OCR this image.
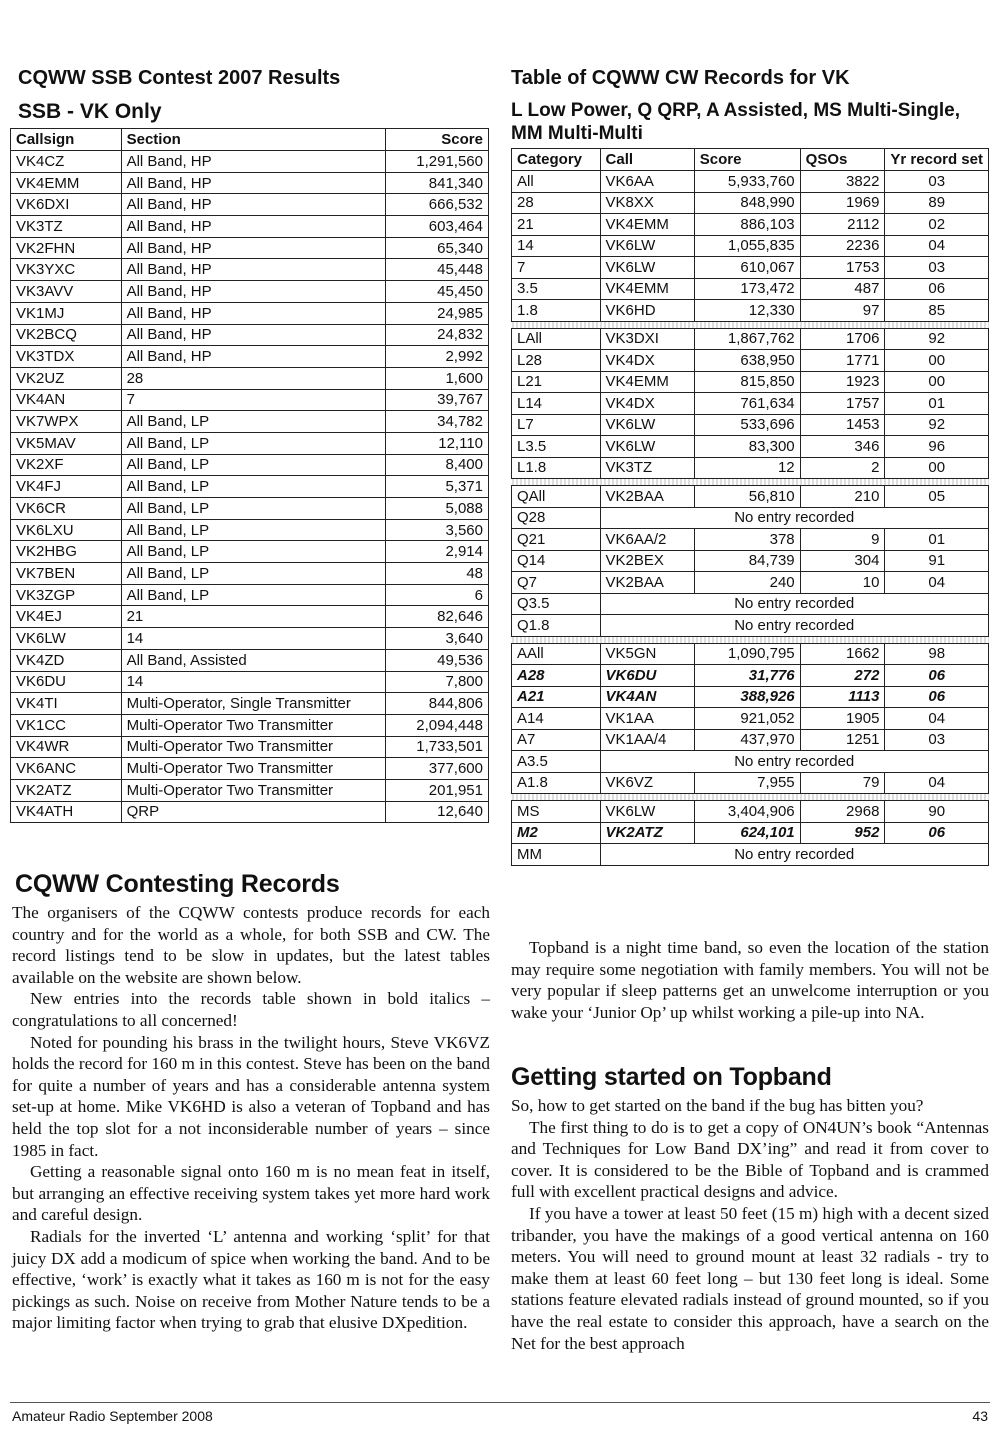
CQWW SSB Contest 2007 Results
SSB - VK Only
Callsign	Section	Score
VK4CZ	All Band, HP	1,291,560
VK4EMM	All Band, HP	841,340
VK6DXI	All Band, HP	666,532
VK3TZ	All Band, HP	603,464
VK2FHN	All Band, HP	65,340
VK3YXC	All Band, HP	45,448
VK3AVV	All Band, HP	45,450
VK1MJ	All Band, HP	24,985
VK2BCQ	All Band, HP	24,832
VK3TDX	All Band, HP	2,992
VK2UZ	28	1,600
VK4AN	7	39,767
VK7WPX	All Band, LP	34,782
VK5MAV	All Band, LP	12,110
VK2XF	All Band, LP	8,400
VK4FJ	All Band, LP	5,371
VK6CR	All Band, LP	5,088
VK6LXU	All Band, LP	3,560
VK2HBG	All Band, LP	2,914
VK7BEN	All Band, LP	48
VK3ZGP	All Band, LP	6
VK4EJ	21	82,646
VK6LW	14	3,640
VK4ZD	All Band, Assisted	49,536
VK6DU	14	7,800
VK4TI	Multi-Operator, Single Transmitter	844,806
VK1CC	Multi-Operator Two Transmitter	2,094,448
VK4WR	Multi-Operator Two Transmitter	1,733,501
VK6ANC	Multi-Operator Two Transmitter	377,600
VK2ATZ	Multi-Operator Two Transmitter	201,951
VK4ATH	QRP	12,640
CQWW Contesting Records

The organisers of the CQWW contests produce records for each country and for the world as a whole, for both SSB and CW. The record listings tend to be slow in updates, but the latest tables available on the website are shown below.

New entries into the records table shown in bold italics – congratulations to all concerned!

Noted for pounding his brass in the twilight hours, Steve VK6VZ holds the record for 160 m in this contest. Steve has been on the band for quite a number of years and has a considerable antenna system set-up at home. Mike VK6HD is also a veteran of Topband and has held the top slot for a not inconsiderable number of years – since 1985 in fact.

Getting a reasonable signal onto 160 m is no mean feat in itself, but arranging an effective receiving system takes yet more hard work and careful design.

Radials for the inverted ‘L’ antenna and working ‘split’ for that juicy DX add a modicum of spice when working the band. And to be effective, ‘work’ is exactly what it takes as 160 m is not for the easy pickings as such. Noise on receive from Mother Nature tends to be a major limiting factor when trying to grab that elusive DXpedition.

Table of CQWW CW Records for VK
L Low Power, Q QRP, A Assisted, MS Multi-Single, MM Multi-Multi
Category	Call	Score	QSOs	Yr record set
All	VK6AA	5,933,760	3822	03
28	VK8XX	848,990	1969	89
21	VK4EMM	886,103	2112	02
14	VK6LW	1,055,835	2236	04
7	VK6LW	610,067	1753	03
3.5	VK4EMM	173,472	487	06
1.8	VK6HD	12,330	97	85

LAll	VK3DXI	1,867,762	1706	92
L28	VK4DX	638,950	1771	00
L21	VK4EMM	815,850	1923	00
L14	VK4DX	761,634	1757	01
L7	VK6LW	533,696	1453	92
L3.5	VK6LW	83,300	346	96
L1.8	VK3TZ	12	2	00

QAll	VK2BAA	56,810	210	05
Q28	No entry recorded			
Q21	VK6AA/2	378	9	01
Q14	VK2BEX	84,739	304	91
Q7	VK2BAA	240	10	04
Q3.5	No entry recorded			
Q1.8	No entry recorded			

AAll	VK5GN	1,090,795	1662	98
A28	VK6DU	31,776	272	06
A21	VK4AN	388,926	1113	06
A14	VK1AA	921,052	1905	04
A7	VK1AA/4	437,970	1251	03
A3.5	No entry recorded			
A1.8	VK6VZ	7,955	79	04

MS	VK6LW	3,404,906	2968	90
M2	VK2ATZ	624,101	952	06
MM	No entry recorded			

Topband is a night time band, so even the location of the station may require some negotiation with family members. You will not be very popular if sleep patterns get an unwelcome interruption or you wake your ‘Junior Op’ up whilst working a pile-up into NA.

Getting started on Topband

So, how to get started on the band if the bug has bitten you?

The first thing to do is to get a copy of ON4UN’s book “Antennas and Techniques for Low Band DX’ing” and read it from cover to cover. It is considered to be the Bible of Topband and is crammed full with excellent practical designs and advice.

If you have a tower at least 50 feet (15 m) high with a decent sized tribander, you have the makings of a good vertical antenna on 160 meters. You will need to ground mount at least 32 radials - try to make them at least 60 feet long – but 130 feet long is ideal. Some stations feature elevated radials instead of ground mounted, so if you have the real estate to consider this approach, have a search on the Net for the best approach

Amateur Radio September 2008	43
